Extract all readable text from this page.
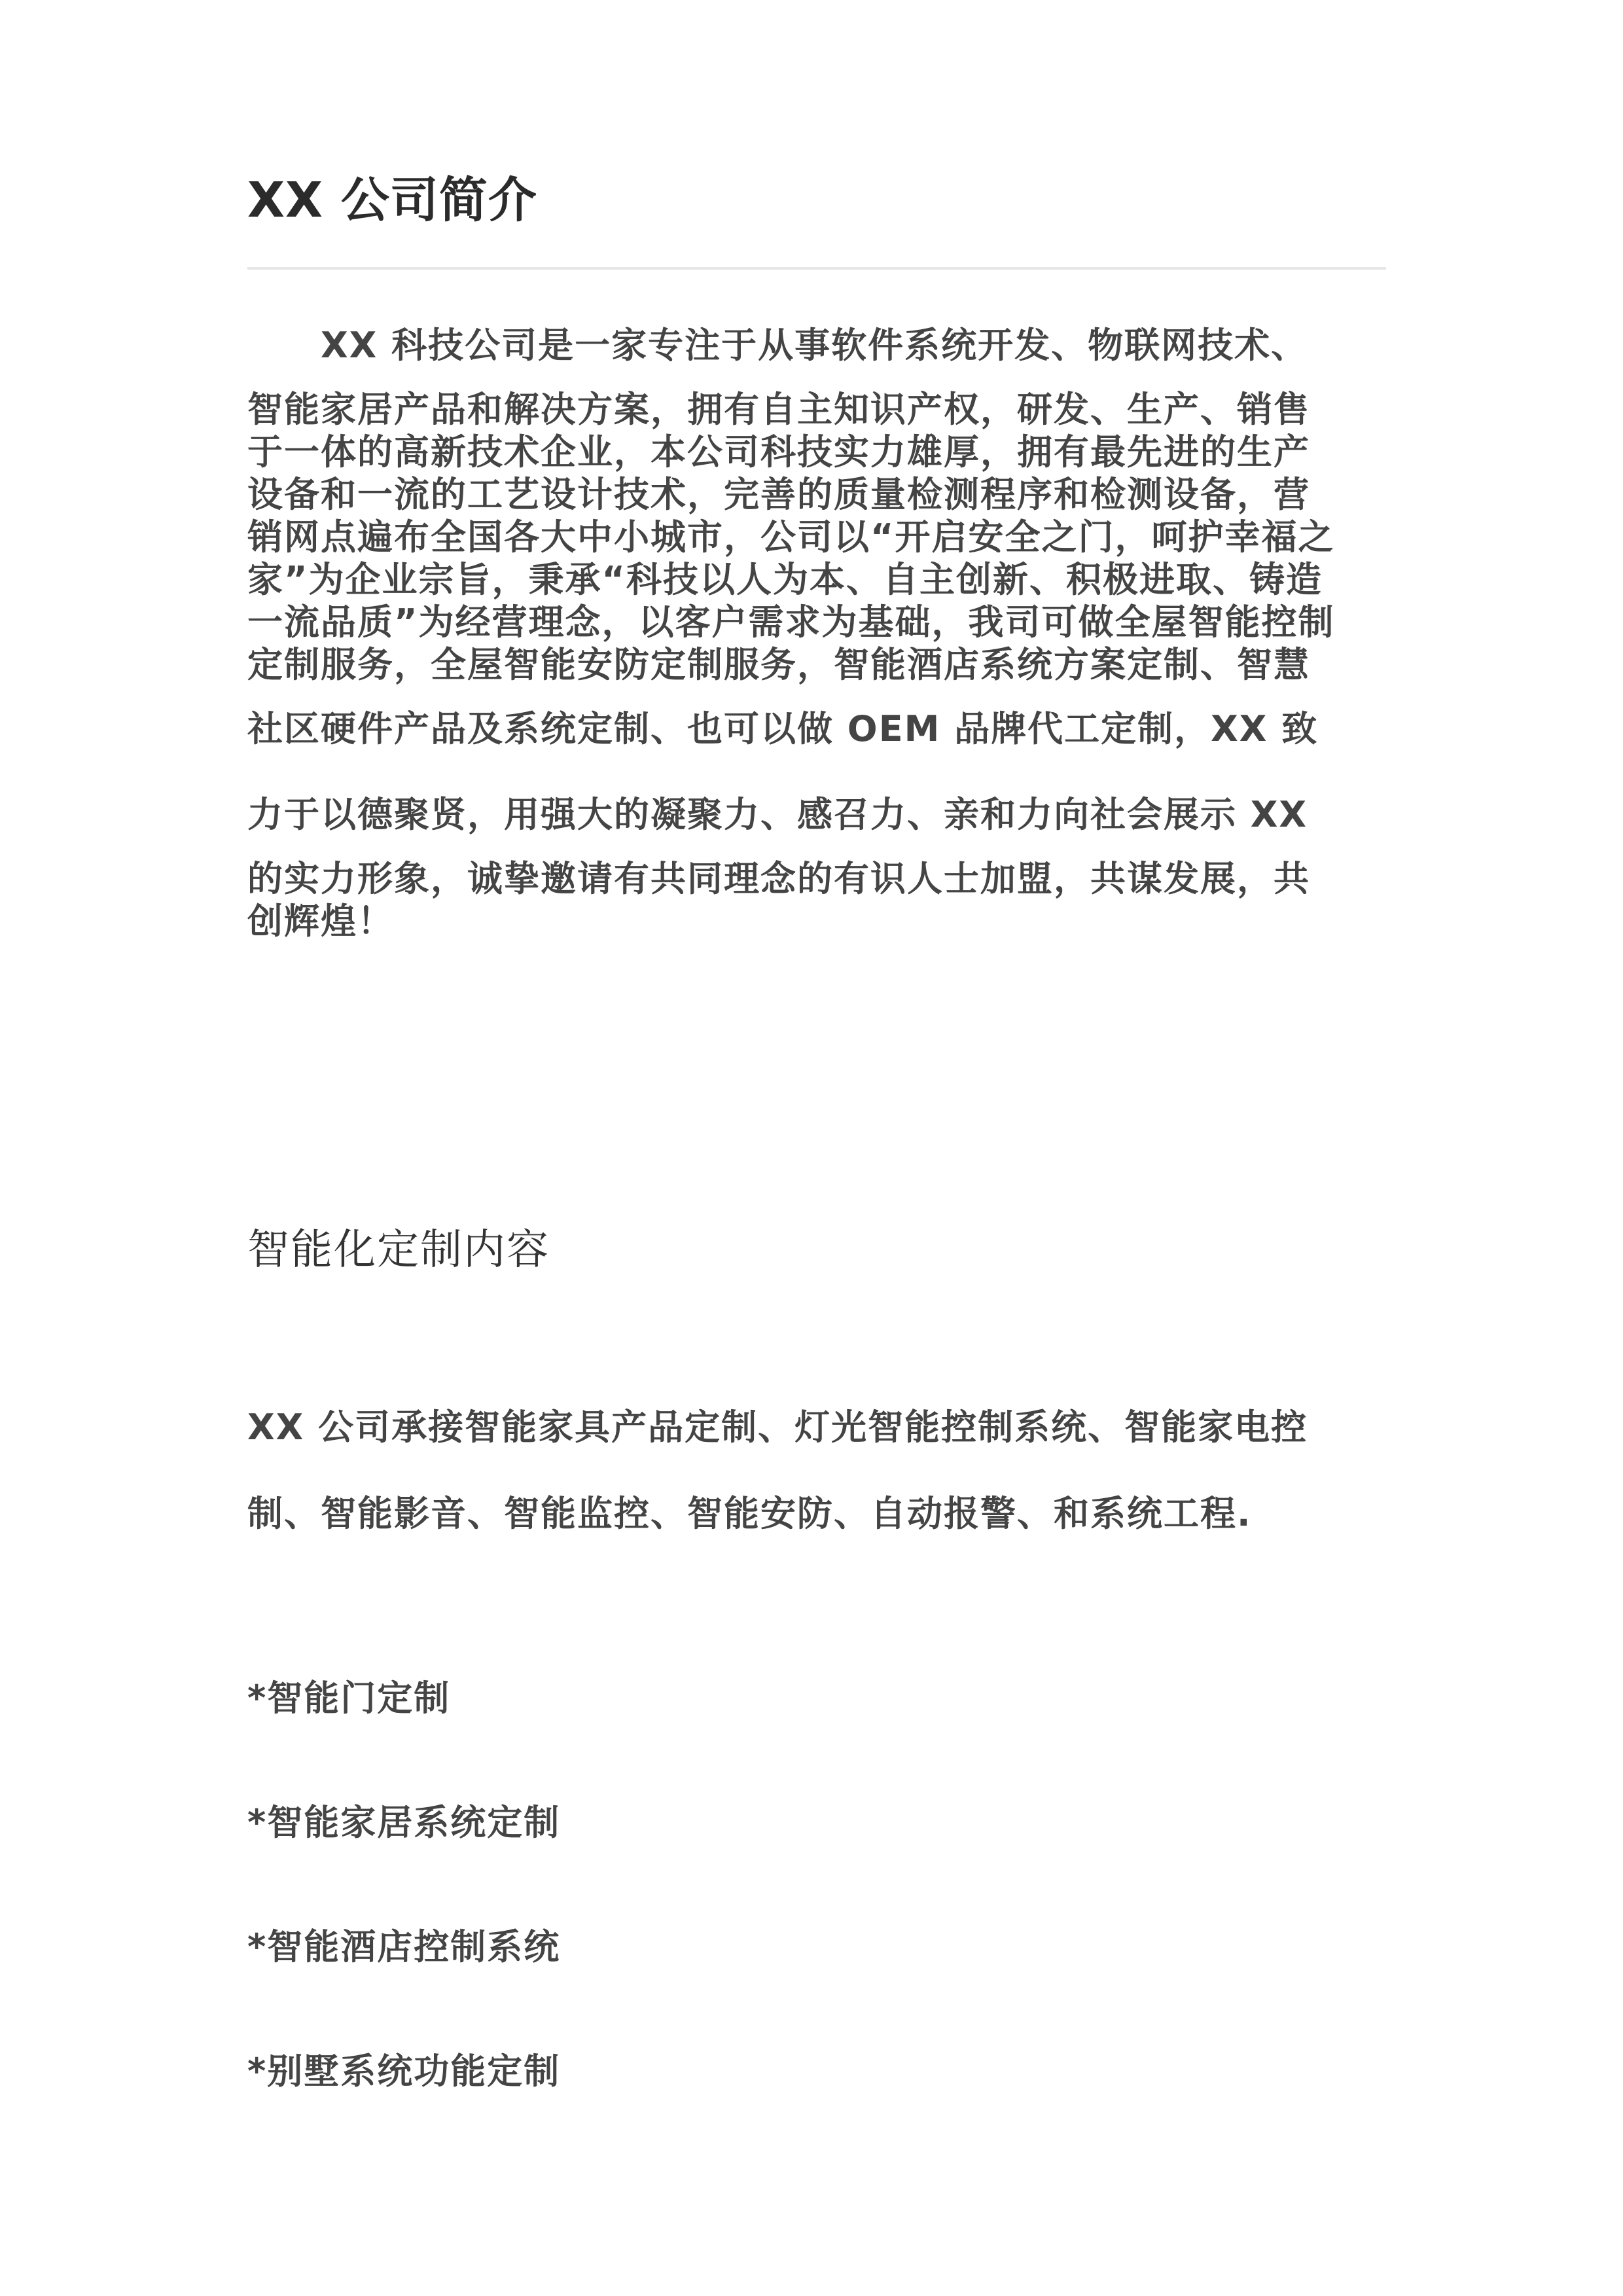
XX 公司简介
　　XX 科技公司是一家专注于从事软件系统开发、物联网技术、
智能家居产品和解决方案，拥有自主知识产权，研发、生产、销售
于一体的高新技术企业，本公司科技实力雄厚，拥有最先进的生产
设备和一流的工艺设计技术，完善的质量检测程序和检测设备，营
销网点遍布全国各大中小城市，公司以“开启安全之门，呵护幸福之
家”为企业宗旨，秉承“科技以人为本、自主创新、积极进取、铸造
一流品质”为经营理念，以客户需求为基础，我司可做全屋智能控制
定制服务，全屋智能安防定制服务，智能酒店系统方案定制、智慧
社区硬件产品及系统定制、也可以做 OEM 品牌代工定制，XX 致
力于以德聚贤，用强大的凝聚力、感召力、亲和力向社会展示 XX
的实力形象，诚挚邀请有共同理念的有识人士加盟，共谋发展，共
创辉煌！
智能化定制内容
XX 公司承接智能家具产品定制、灯光智能控制系统、智能家电控
制、智能影音、智能监控、智能安防、自动报警、和系统工程.
*智能门定制
*智能家居系统定制
*智能酒店控制系统
*别墅系统功能定制
